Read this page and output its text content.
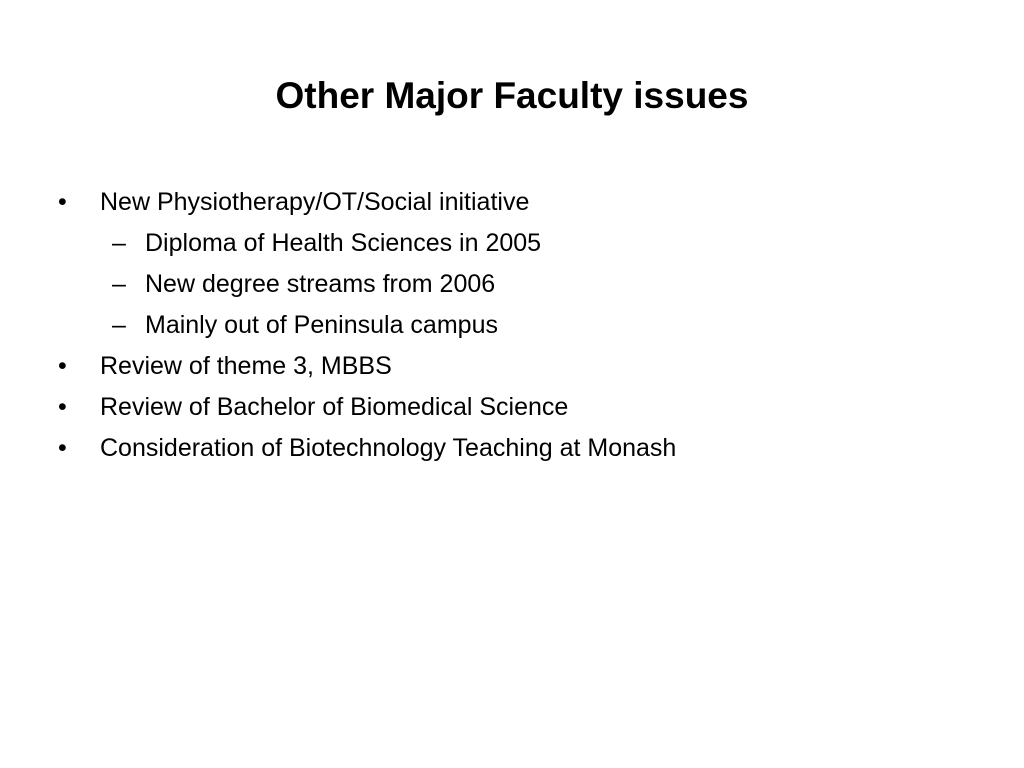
Other Major Faculty issues
• New Physiotherapy/OT/Social initiative
– Diploma of Health Sciences in 2005
– New degree streams from 2006
– Mainly out of Peninsula campus
• Review of theme 3, MBBS
• Review of Bachelor of Biomedical Science
• Consideration of Biotechnology Teaching at Monash
